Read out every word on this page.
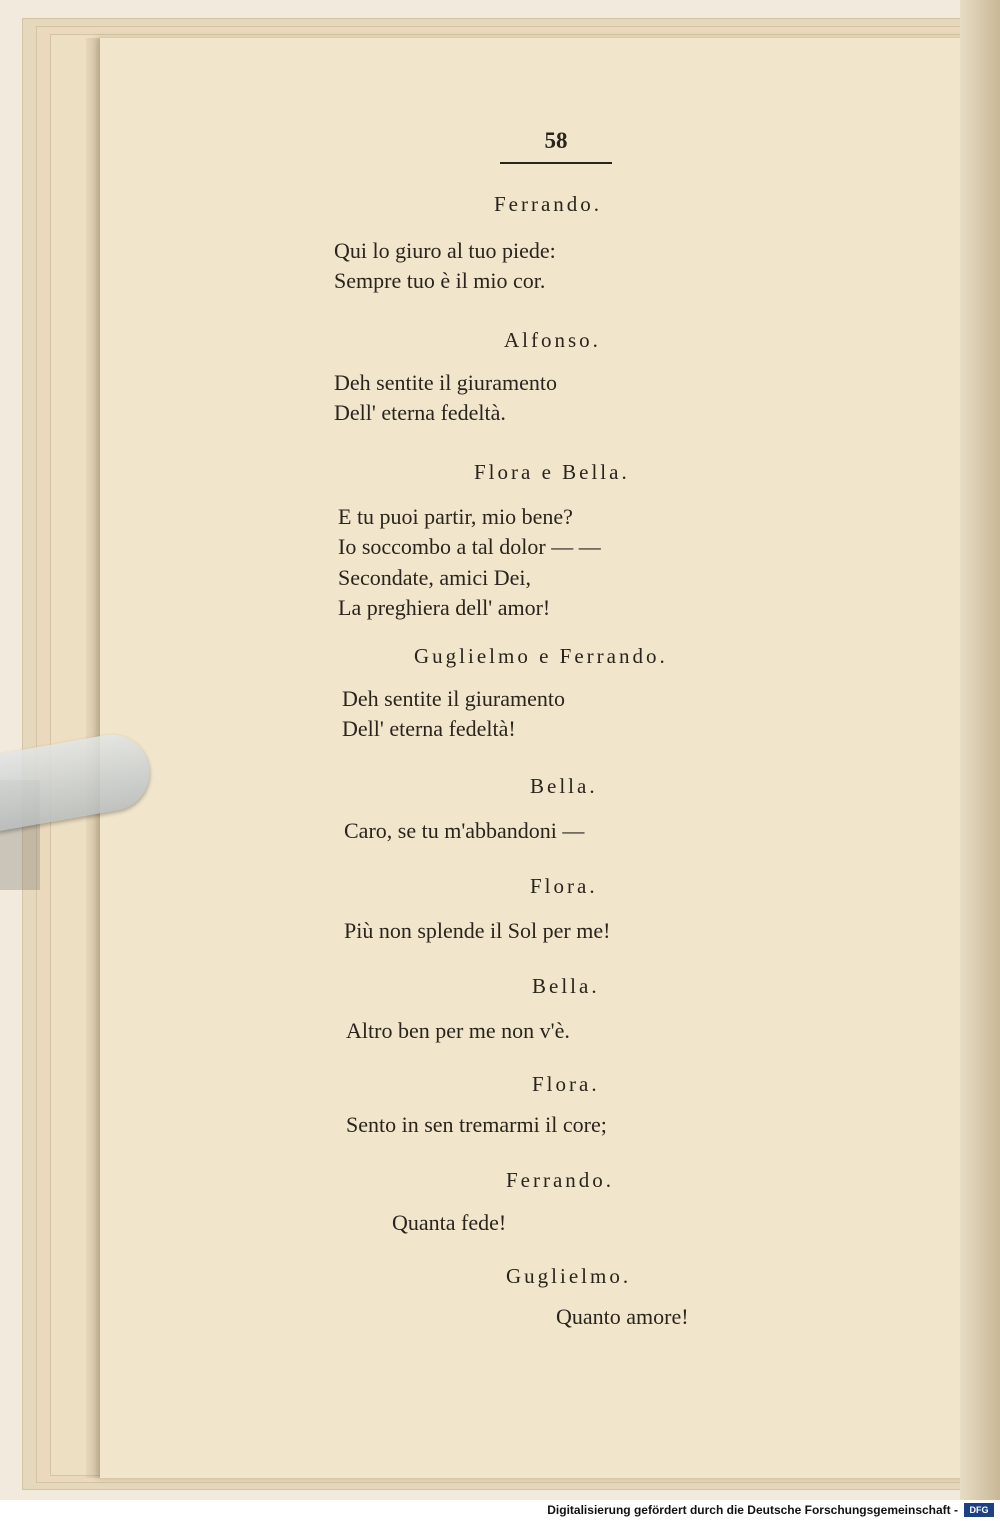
58
Ferrando.
Qui lo giuro al tuo piede:
Sempre tuo è il mio cor.
Alfonso.
Deh sentite il giuramento
Dell' eterna fedeltà.
Flora e Bella.
E tu puoi partir, mio bene?
Io soccombo a tal dolor — —
Secondate, amici Dei,
La preghiera dell' amor!
Guglielmo e Ferrando.
Deh sentite il giuramento
Dell' eterna fedeltà!
Bella.
Caro, se tu m'abbandoni —
Flora.
Più non splende il Sol per me!
Bella.
Altro ben per me non v'è.
Flora.
Sento in sen tremarmi il core;
Ferrando.
Quanta fede!
Guglielmo.
Quanto amore!
Digitalisierung gefördert durch die Deutsche Forschungsgemeinschaft -	DFG
